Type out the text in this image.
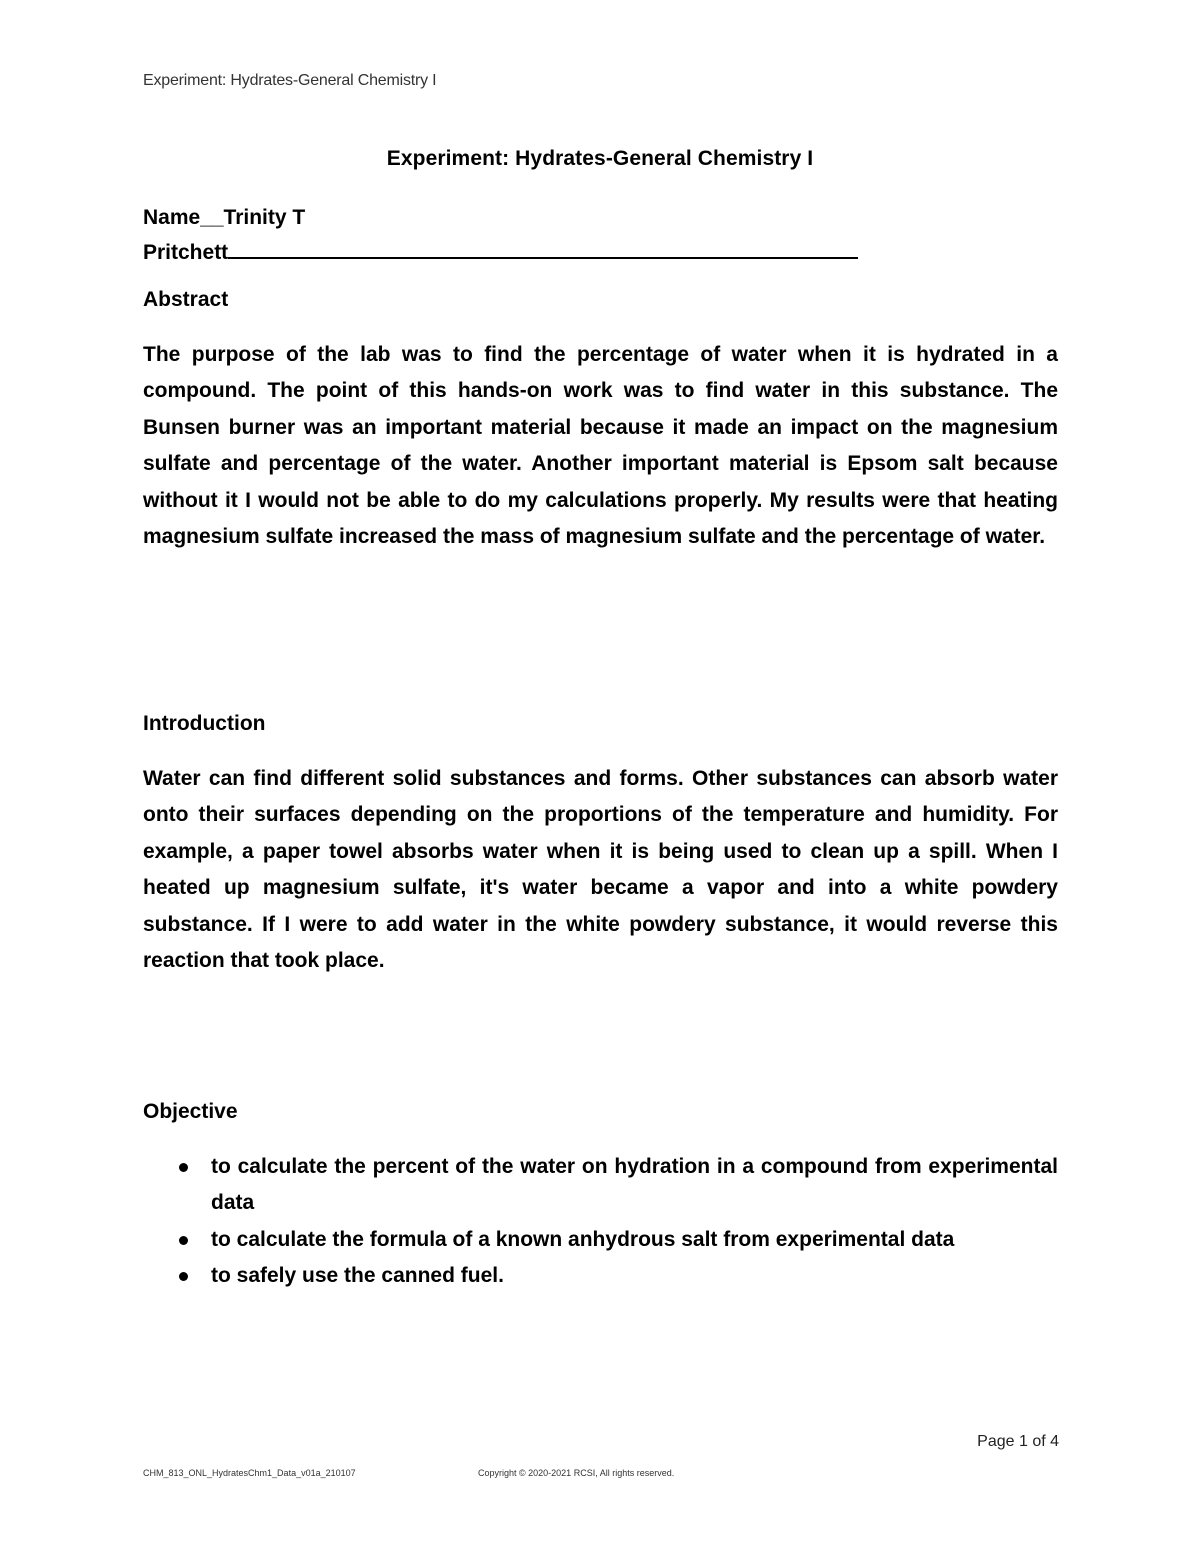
Experiment: Hydrates-General Chemistry I
Experiment: Hydrates-General Chemistry I
Name__Trinity T
Pritchett

Abstract

The purpose of the lab was to find the percentage of water when it is hydrated in a compound. The point of this hands-on work was to find water in this substance. The Bunsen burner was an important material because it made an impact on the magnesium sulfate and percentage of the water. Another important material is Epsom salt because without it I would not be able to do my calculations properly. My results were that heating magnesium sulfate increased the mass of magnesium sulfate and the percentage of water.

Introduction

Water can find different solid substances and forms. Other substances can absorb water onto their surfaces depending on the proportions of the temperature and humidity. For example, a paper towel absorbs water when it is being used to clean up a spill. When I heated up magnesium sulfate, it's water became a vapor and into a white powdery substance. If I were to add water in the white powdery substance, it would reverse this reaction that took place.

Objective

to calculate the percent of the water on hydration in a compound from experimental data
to calculate the formula of a known anhydrous salt from experimental data
to safely use the canned fuel.
Page 1 of 4
CHM_813_ONL_HydratesChm1_Data_v01a_210107	Copyright © 2020-2021 RCSI, All rights reserved.
